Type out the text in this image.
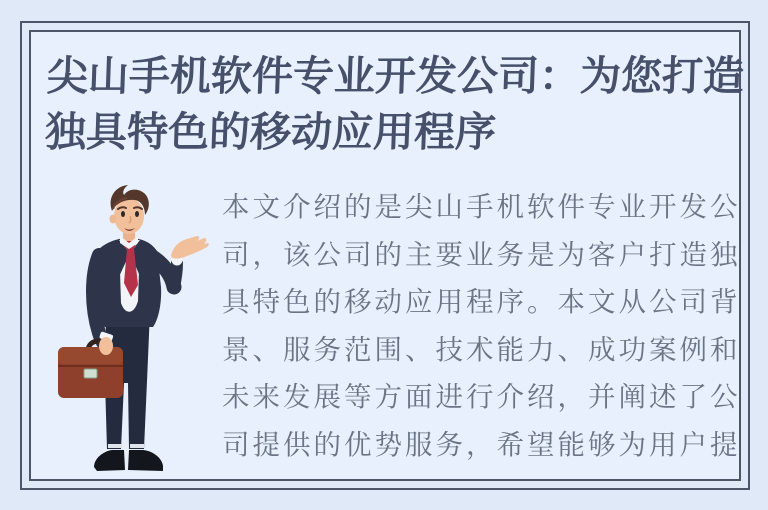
尖山手机软件专业开发公司：为您打造
独具特色的移动应用程序
本文介绍的是尖山手机软件专业开发公
司，该公司的主要业务是为客户打造独
具特色的移动应用程序。本文从公司背
景、服务范围、技术能力、成功案例和
未来发展等方面进行介绍，并阐述了公
司提供的优势服务，希望能够为用户提
